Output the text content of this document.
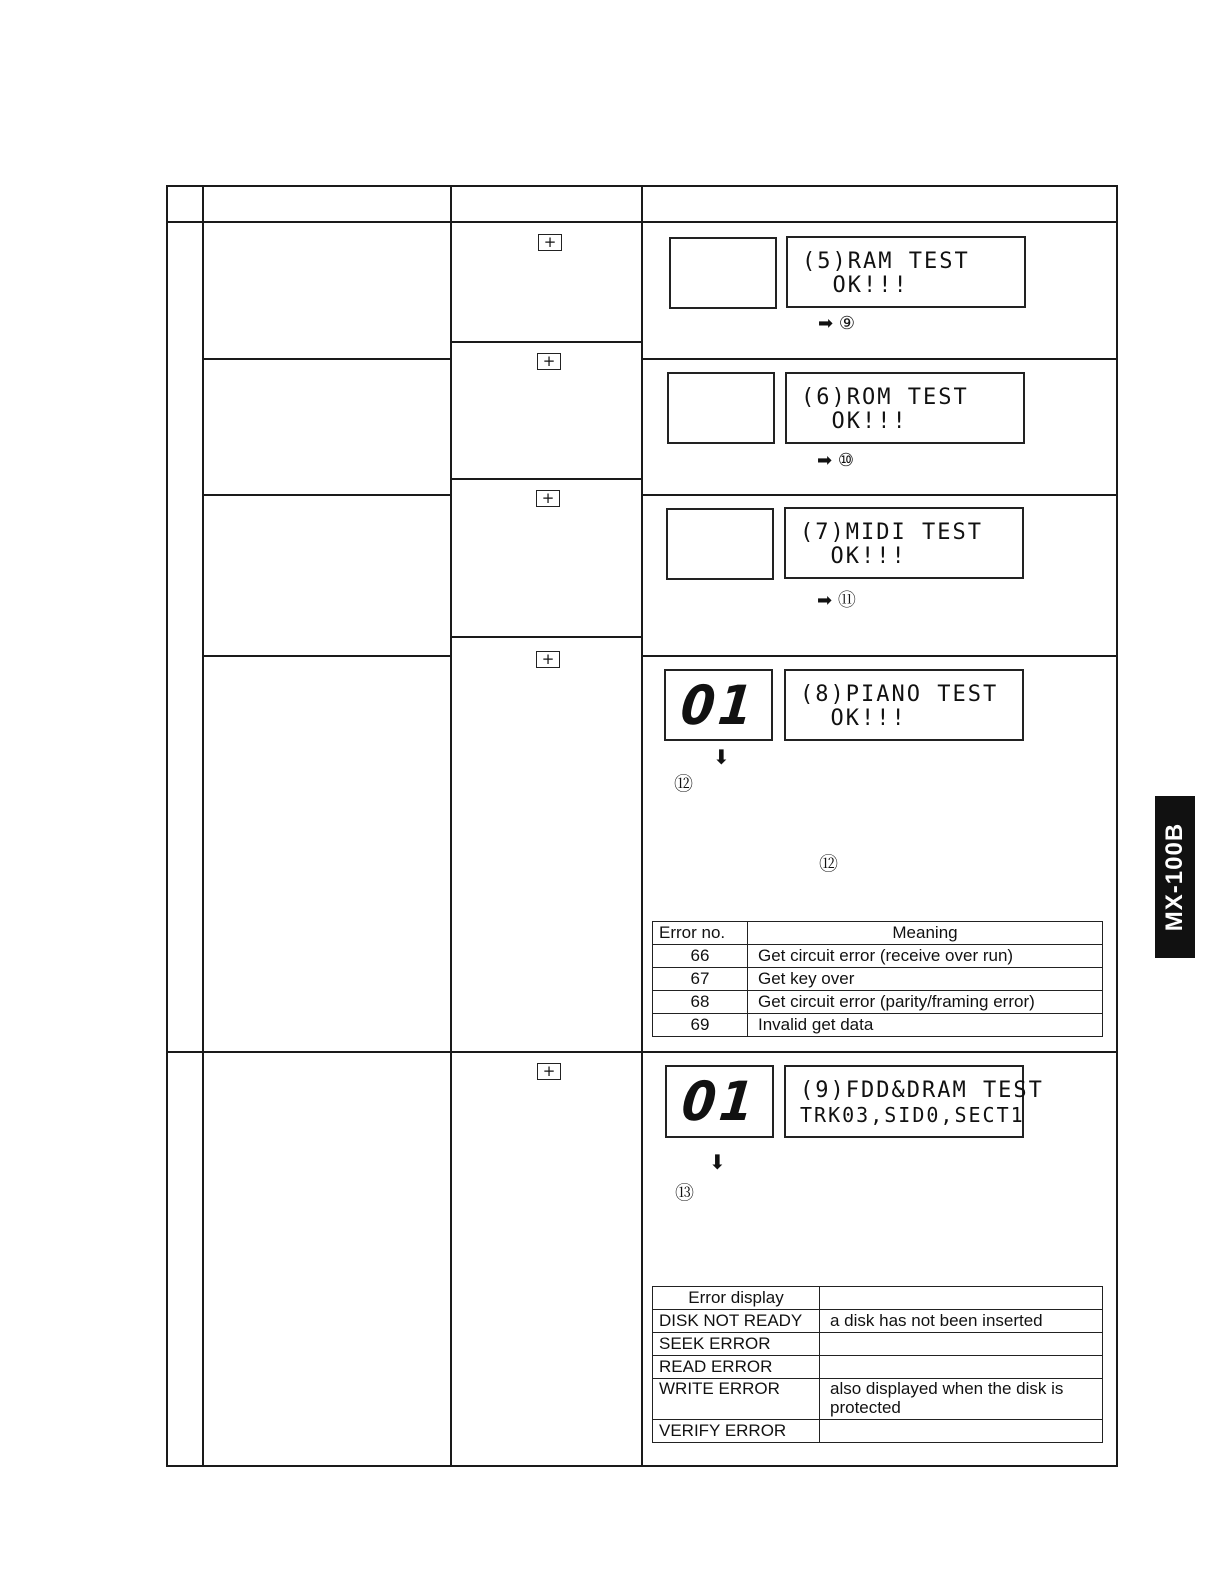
+
+
+
+
+
(5)RAM TEST
OK!!!
➡ ⑨
(6)ROM TEST
OK!!!
➡ ⑩
(7)MIDI TEST
OK!!!
➡ ⑪
01 (8)PIANO TEST
OK!!!
⬇
⑫
⑫
Error no.	Meaning
66	Get circuit error (receive over run)
67	Get key over
68	Get circuit error (parity/framing error)
69	Invalid get data
01 (9)FDD&DRAM TEST
TRK03,SID0,SECT1
⬇
⑬
Error display	
DISK NOT READY	a disk has not been inserted
SEEK ERROR	
READ ERROR	
WRITE ERROR	also displayed when the disk is protected
VERIFY ERROR	
MX-100B
